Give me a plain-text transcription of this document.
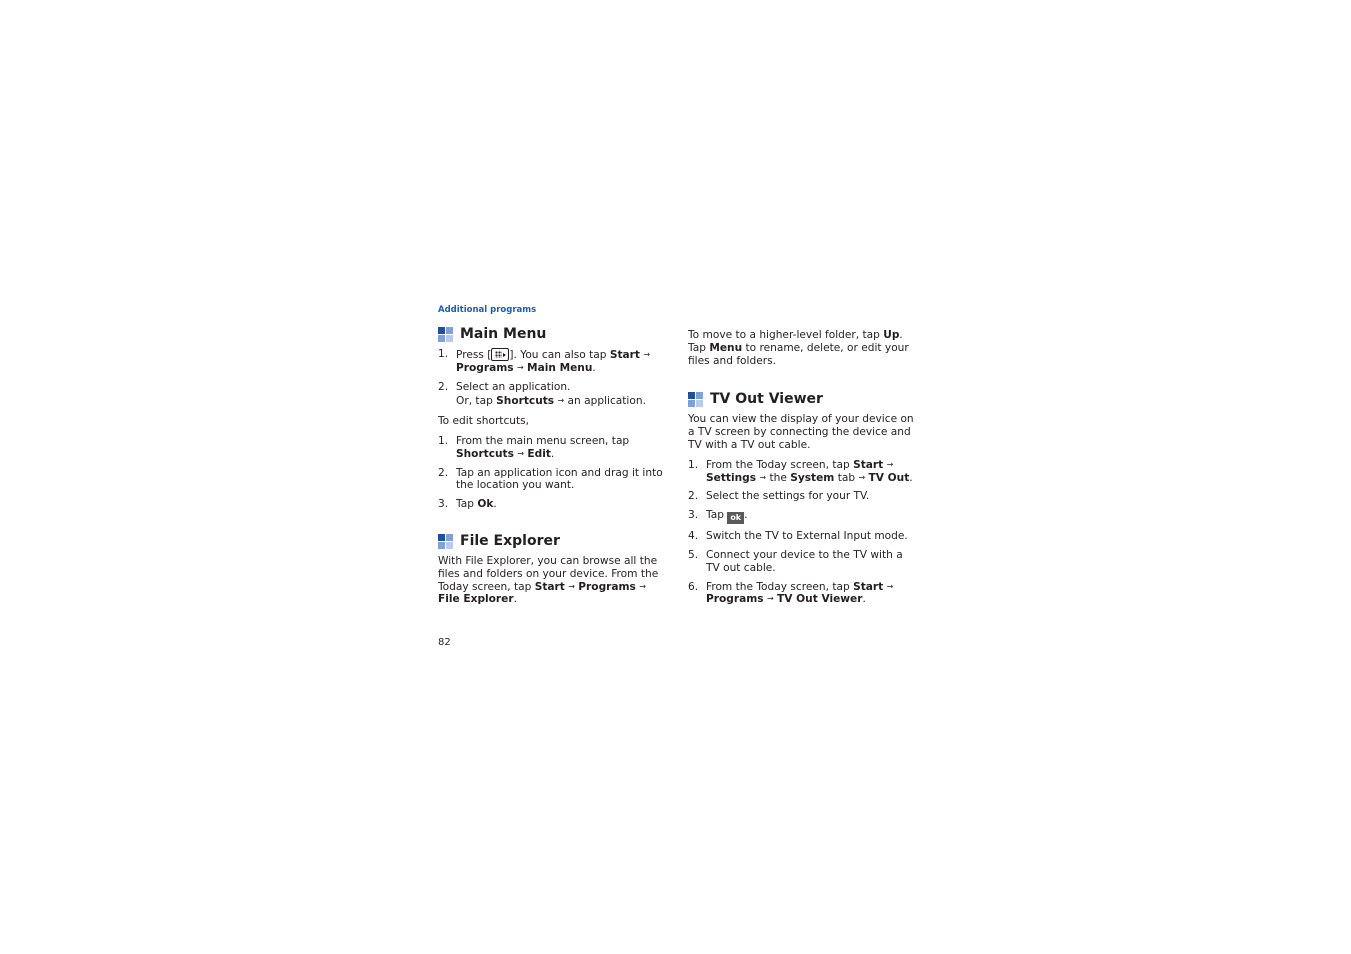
Additional programs
Main Menu
1. Press [ ]. You can also tap Start → Programs → Main Menu.
2. Select an application.
Or, tap Shortcuts → an application.

To edit shortcuts,

1. From the main menu screen, tap Shortcuts → Edit.
2. Tap an application icon and drag it into the location you want.
3. Tap Ok.
File Explorer

With File Explorer, you can browse all the files and folders on your device. From the Today screen, tap Start → Programs → File Explorer.

To move to a higher-level folder, tap Up. Tap Menu to rename, delete, or edit your files and folders.

TV Out Viewer

You can view the display of your device on a TV screen by connecting the device and TV with a TV out cable.

1. From the Today screen, tap Start → Settings → the System tab → TV Out.
2. Select the settings for your TV.
3. Tap ok .
4. Switch the TV to External Input mode.
5. Connect your device to the TV with a TV out cable.
6. From the Today screen, tap Start → Programs → TV Out Viewer.
82
